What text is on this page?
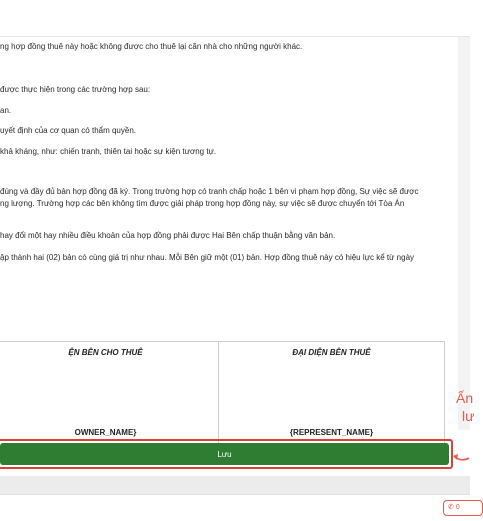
ng hợp đồng thuê này hoặc không được cho thuê lại căn nhà cho những người khác.
được thực hiện trong các trường hợp sau:
an.
uyết định của cơ quan có thẩm quyền.
khả kháng, như: chiến tranh, thiên tai hoặc sự kiện tương tự.
đúng và đầy đủ bản hợp đồng đã ký. Trong trường hợp có tranh chấp hoặc 1 bên vi phạm hợp đồng, Sự việc sẽ được
ng lượng. Trường hợp các bên không tìm được giải pháp trong hợp đồng này, sự việc sẽ được chuyển tới Tòa Án
hay đổi một hay nhiều điều khoản của hợp đồng phải được Hai Bên chấp thuận bằng văn bản.
ập thành hai (02) bản có cùng giá trị như nhau. Mỗi Bên giữ một (01) bản. Hợp đồng thuê này có hiệu lực kể từ ngày
ỆN BÊN CHO THUÊ
OWNER_NAME}

ĐẠI DIỆN BÊN THUÊ
{REPRESENT_NAME}
Ấn
lư
Lưu
✆ 0
